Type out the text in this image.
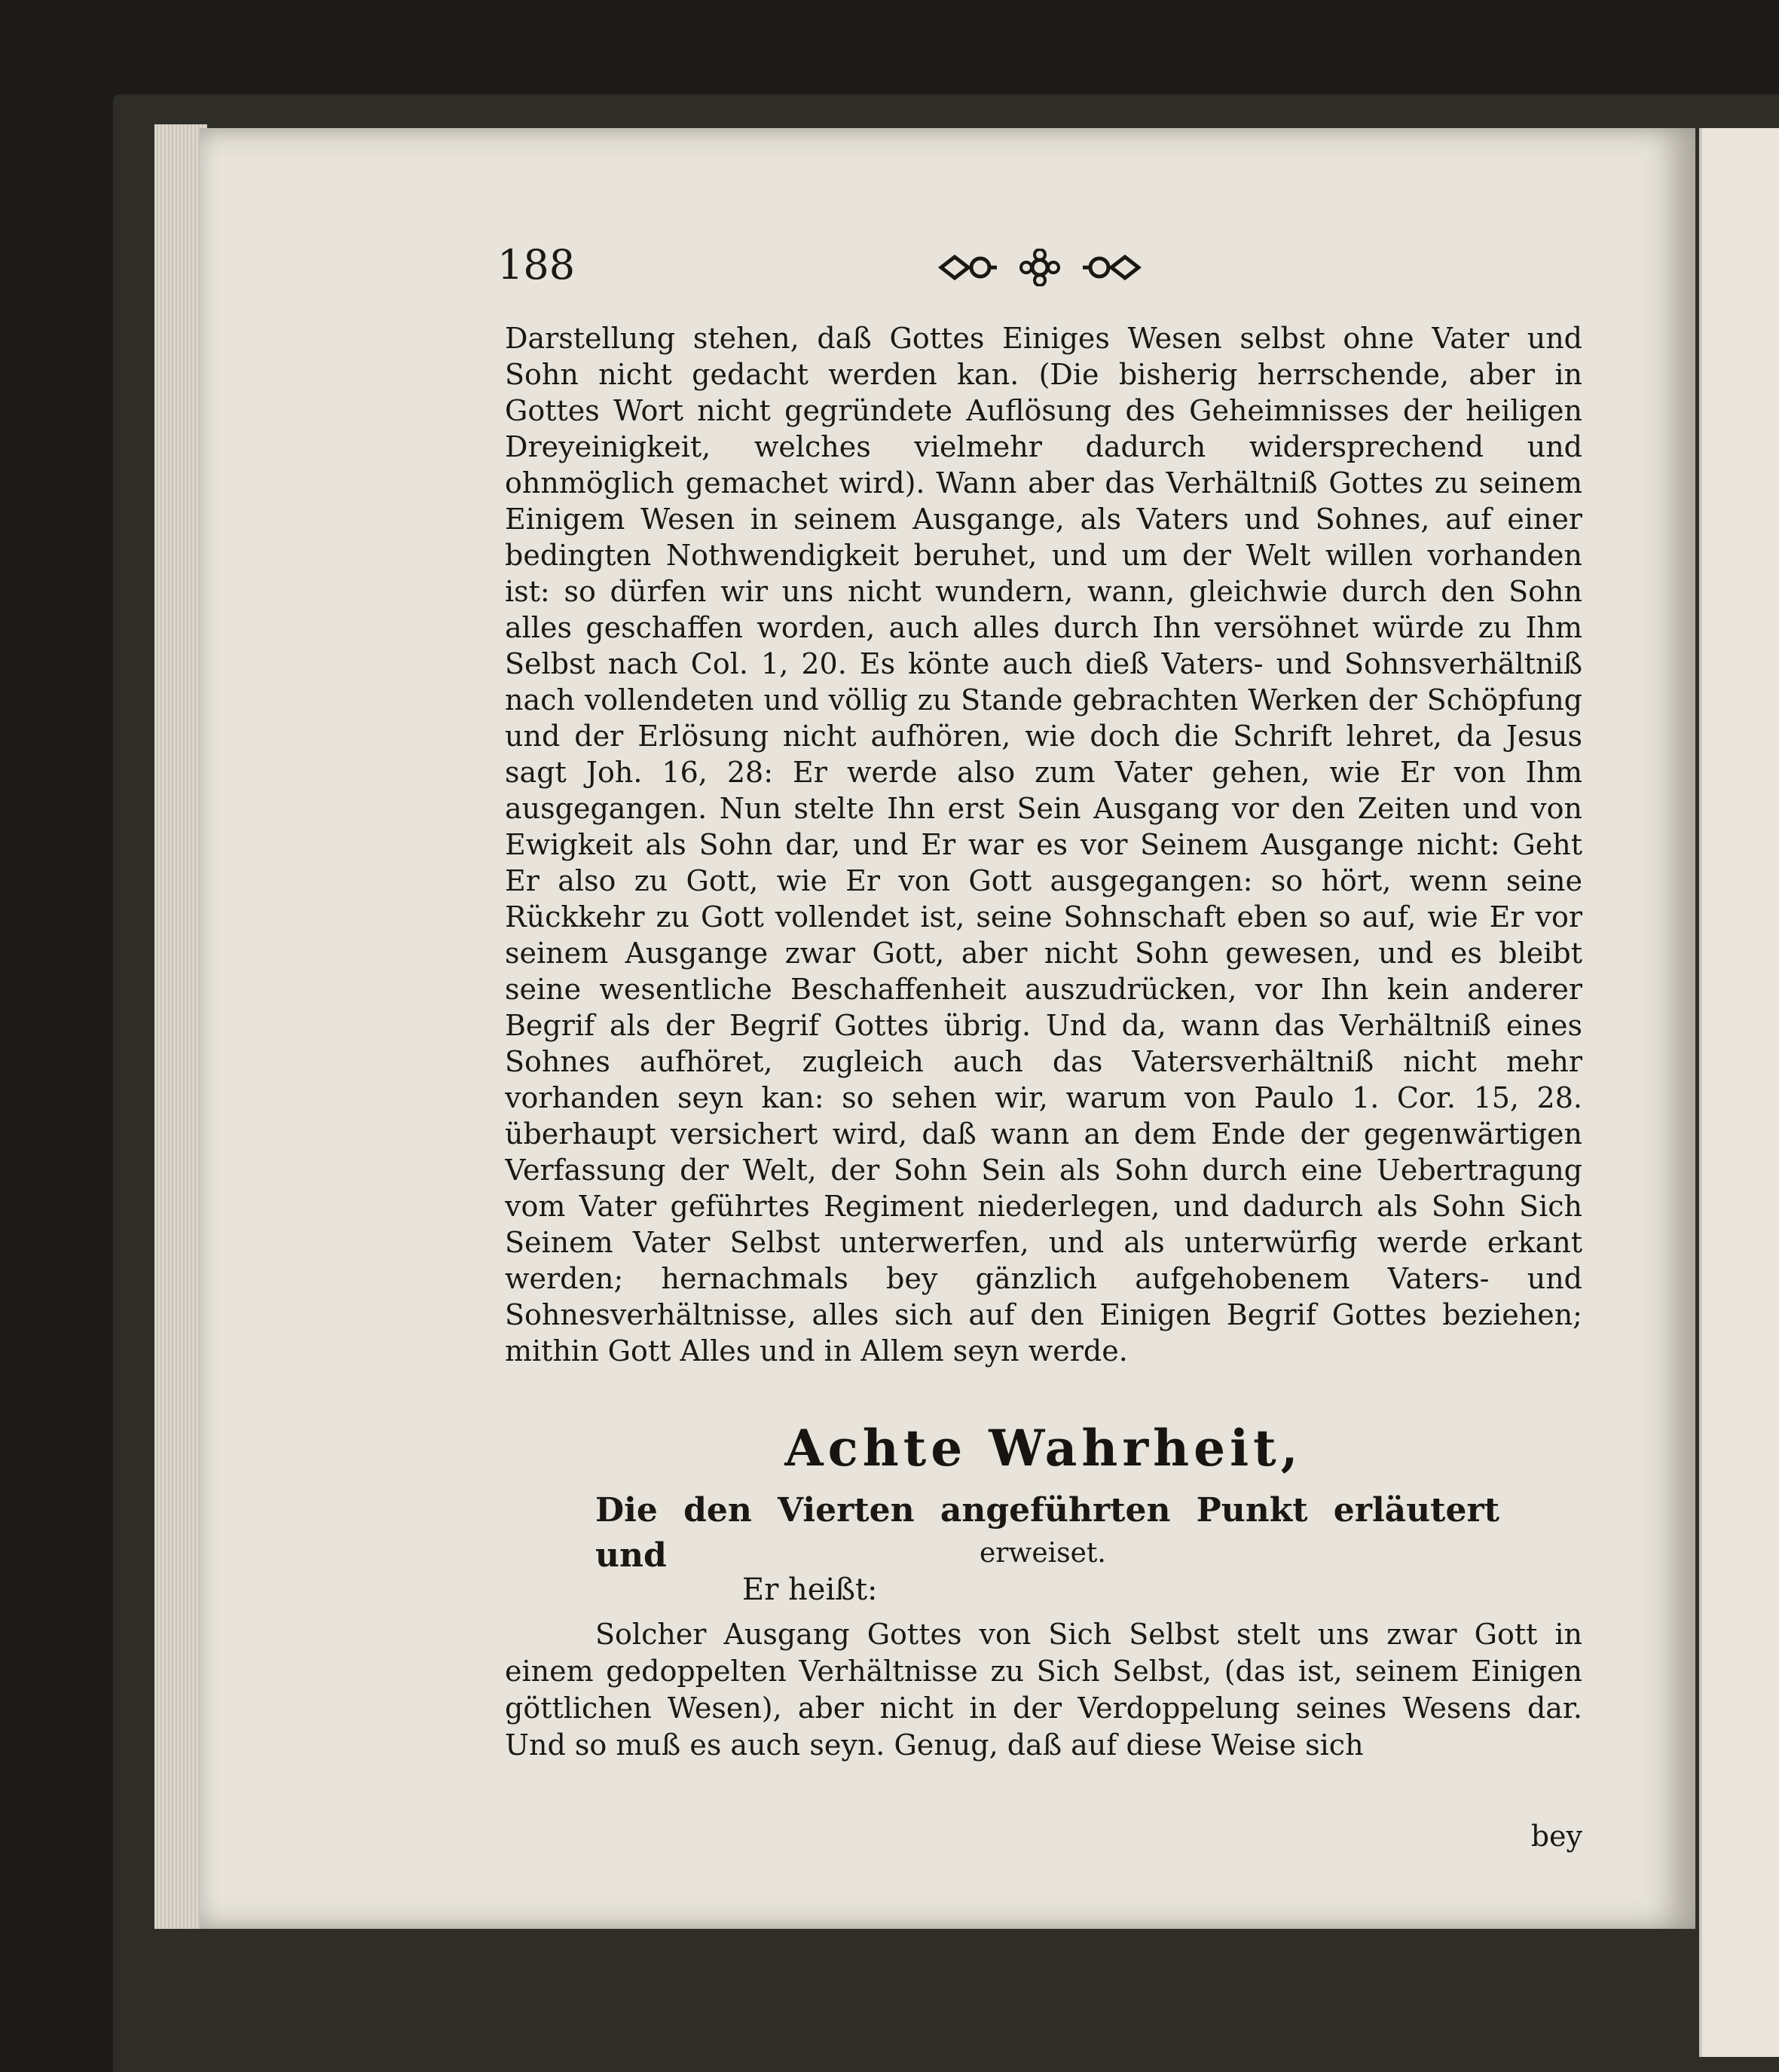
188

Darstellung stehen, daß Gottes Einiges Wesen selbst ohne Vater und Sohn nicht gedacht werden kan. (Die bisherig herrschende, aber in Gottes Wort nicht gegründete Auflösung des Geheimnisses der heiligen Dreyeinigkeit, welches vielmehr dadurch widersprechend und ohnmöglich gemachet wird). Wann aber das Verhältniß Gottes zu seinem Einigem Wesen in seinem Ausgange, als Vaters und Sohnes, auf einer bedingten Nothwendigkeit beruhet, und um der Welt willen vorhanden ist: so dürfen wir uns nicht wundern, wann, gleichwie durch den Sohn alles geschaffen worden, auch alles durch Ihn versöhnet würde zu Ihm Selbst nach Col. 1, 20. Es könte auch dieß Vaters- und Sohnsverhältniß nach vollendeten und völlig zu Stande gebrachten Werken der Schöpfung und der Erlösung nicht aufhören, wie doch die Schrift lehret, da Jesus sagt Joh. 16, 28: Er werde also zum Vater gehen, wie Er von Ihm ausgegangen. Nun stelte Ihn erst Sein Ausgang vor den Zeiten und von Ewigkeit als Sohn dar, und Er war es vor Seinem Ausgange nicht: Geht Er also zu Gott, wie Er von Gott ausgegangen: so hört, wenn seine Rückkehr zu Gott vollendet ist, seine Sohnschaft eben so auf, wie Er vor seinem Ausgange zwar Gott, aber nicht Sohn gewesen, und es bleibt seine wesentliche Beschaffenheit auszudrücken, vor Ihn kein anderer Begrif als der Begrif Gottes übrig. Und da, wann das Verhältniß eines Sohnes aufhöret, zugleich auch das Vatersverhältniß nicht mehr vorhanden seyn kan: so sehen wir, warum von Paulo 1. Cor. 15, 28. überhaupt versichert wird, daß wann an dem Ende der gegenwärtigen Verfassung der Welt, der Sohn Sein als Sohn durch eine Uebertragung vom Vater geführtes Regiment niederlegen, und dadurch als Sohn Sich Seinem Vater Selbst unterwerfen, und als unterwürfig werde erkant werden; hernachmals bey gänzlich aufgehobenem Vaters- und Sohnesverhältnisse, alles sich auf den Einigen Begrif Gottes beziehen; mithin Gott Alles und in Allem seyn werde.

Achte Wahrheit,
Die den Vierten angeführten Punkt erläutert und	erweiset.
Er heißt:

Solcher Ausgang Gottes von Sich Selbst stelt uns zwar Gott in einem gedoppelten Verhältnisse zu Sich Selbst, (das ist, seinem Einigen göttlichen Wesen), aber nicht in der Verdoppelung seines Wesens dar. Und so muß es auch seyn. Genug, daß auf diese Weise sich

bey
